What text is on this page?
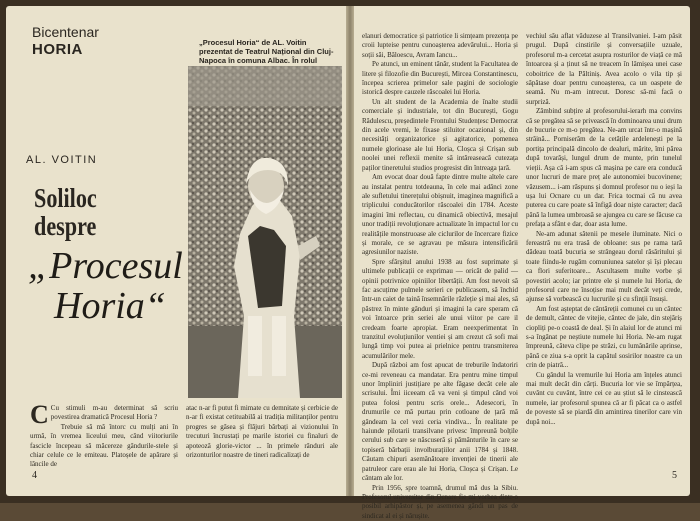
Bicentenar
HORIA
AL. VOITIN
Soliloc
despre
„Procesul
Horia“
„Procesul Horia“ de AL. Voitin prezentat de Teatrul Național din Cluj-Napoca în comuna Albac. În rolul

C Cu stimuli m-au determinat să scriu povestirea dramatică Procesul Horia ?

Trebuie să mă întorc cu mulți ani în urmă, în vremea liceului meu, când viitoriurile fascicle începeau să măcereze gândurile-stele și chiar celule ce le emiteau. Platoșele de apărare și lăncile de

atac n-ar fi putut fi mimate cu demnitate și cerbicie de n-ar fi existat cetituabilă ai tradiția militanților pentru progres se găsea și flăjuri bărbați ai vizionului în trecuturi încrustați pe marile istoriei cu finaluri de apoteoză glorie-victor ... în primele rânduri ale orizonturilor noastre de tineri radicalizați de

4

elanuri democratice și patriotice li simțeam prezența pe croii lupteise pentru cunoașterea adevărului... Horia și soții săi, Băloescu, Avram Iancu...

Pe atunci, un eminent tânăr, student la Facultatea de litere și filozofie din București, Mircea Constantinescu, începea scrierea primelor sale pagini de sociologie istorică despre cauzele răscoalei lui Horia.

Un alt student de la Academia de înalte studii comerciale și industriale, tot din București, Gogu Rădulescu, președintele Frontului Studențesc Democrat din acele vremi, le fixase stiluitor ocazional și, din necesități organizatorice și agitatorice, pomenea numele glorioase ale lui Horia, Cloșca și Crișan sub noolei unei reflexii menite să intăreaseacă cutezața paților tineretului studios progresist din întreaga țară.

Am evocat doar două fapte dintre multe altele care au instalat pentru totdeauna, în cele mai adânci zone ale sufletului tinerețului obișnuit, imaginea magnifică a triplicului conducătorilor răscoalei din 1784. Aceste imagini îmi reflectau, cu dinamică obiectivă, mesajul unor tradiții revoluționare actualizate în impactul lor cu realitățile monstruoase ale ciclurilor de încercare fizice și morale, ce se agravau pe măsura intensificării agresiunilor naziste.

Spre sfârșitul anului 1938 au fost suprimate și ultimele publicații ce exprimau — oricât de palid — opinii potrivnice opiniilor libertății. Am fost nevoit să fac ascuțime pulmele serieri ce publicasem, să închid într-un caiet de taină însemnările răzleție și mai ales, să păstrez în minte gânduri și imagini la care speram că voi întoarce prin seriei ale unui viitor pe care il credeam foarte apropiat. Eram neexperimentat în tranzitul evoluțiunilor ventiei și am crezut că sofi mai lungă timp voi putea ai prielnice pentru transmiterea acumulărilor mele.

După război am fost apucat de treburile îndatoriri ce-mi reveneau ca mandatar. Era pentru mine timpul unor împliniri justițiare pe alte făgase decât cele ale scrisului. Îmi iiceeam că va veni și timpul când voi putea folosi pentru scris orele... Adesecori, în drumurile ce mă purtau prin cotloane de țară mă gândeam la cel vezi ceria vindiva... În realitate pe haiunde pilotarii transilvane privesc împreună bolțile cerului sub care se născuseră și pământurile în care se topiseră bărbații involburațiilor anii 1784 și 1848. Câutam chipuri asemănătoare invenției de tinerii ale patruleor care erau ale lui Horia, Cloșca și Crișan. Le cântam ale lor.

Prin 1956, spre toamnă, drumul mă dus la Sibiu. Profesorul universitar din Ocnare fie mi vorbea dintr-o posibil arhipăstor și, pe asemenea gândi un pas de sindicat al ei și nărușite.

vechiul său aflat văduzese al Transilvaniei. I-am păsit prugul. După cinstirile și conversațiile uzuale, profesorul m-a cercetat asupra rosturilor de viață ce mă întoarcea și a ținut să ne treacem în lâmișea unei case coboitrice de la Păltiniș. Avea acolo o vila tip și săpătase doar pentru cunoașterea, ca un oaspete de seamă. Nu m-am intrecut. Doresc să-mi facă o surpriză.

Zâmbind subțire al profesorului-ierarh ma convins că se pregătea să se privească în dominoarea unui drum de bucurie ce m-o pregătea. Ne-am urcat într-o mașină străină... Porniserăm de la cetățile ardelenești pe la portița principală dincolo de dealuri, mărite, îmi părea după tovarăși, lungul drum de munte, prin tunelul vieții. Așa că i-am spus că mașina pe care era conducă unor lucruri de mare preț ale autonomiei bucovinene; văzusem... i-am răspuns și domnul profesor nu o ieși la ușa lui Ocnare cu un dar. Frica tocmai că nu avea puterea cu care poate să înfigă doar niște caracter; dacă până la lumea umbroasă se ajungea cu care se făcuse ca prefața a sfânt e dar, doar asta lume.

Ne-am adunat sătenii pe mesele iluminate. Nici o fereastră nu era trasă de obloane: sus pe rama tară dădeau toată bucuria se strângeau dorul răsăritului și toate fiindu-le rugăm comuniunea satelor și își plecau ca flori suferitoare... Ascultasem multe vorbe și povestiri acolo; iar printre ele și numele lui Horia, de profesorul care ne însoțise mai mult decât veți crede, ajunse să vorbească cu lucrurile și cu sfinții însuși.

Am fost așteptat de cântăreții comunei cu un cântec de demult, cântec de vitejie, cântec de jale, din stejăriș ciopliți pe-o coastă de deal. Și în alaiul lor de atunci mi s-a îngânat pe neștiute numele lui Horia. Ne-am rugat împreună, câteva clipe pe străzi, cu lumânările aprinse, până ce ziua s-a oprit la capătul sosirilor noastre ca un crin de piatră...

Cu gândul la vremurile lui Horia am înțeles atunci mai mult decât din cărți. Bucuria lor vie se împărțea, cuvânt cu cuvânt, între cei ce au știut să le cinstească numele, iar profesorul spunea că ar fi păcat ca o astfel de poveste să se piardă din amintirea tinerilor care vin după noi...

5
